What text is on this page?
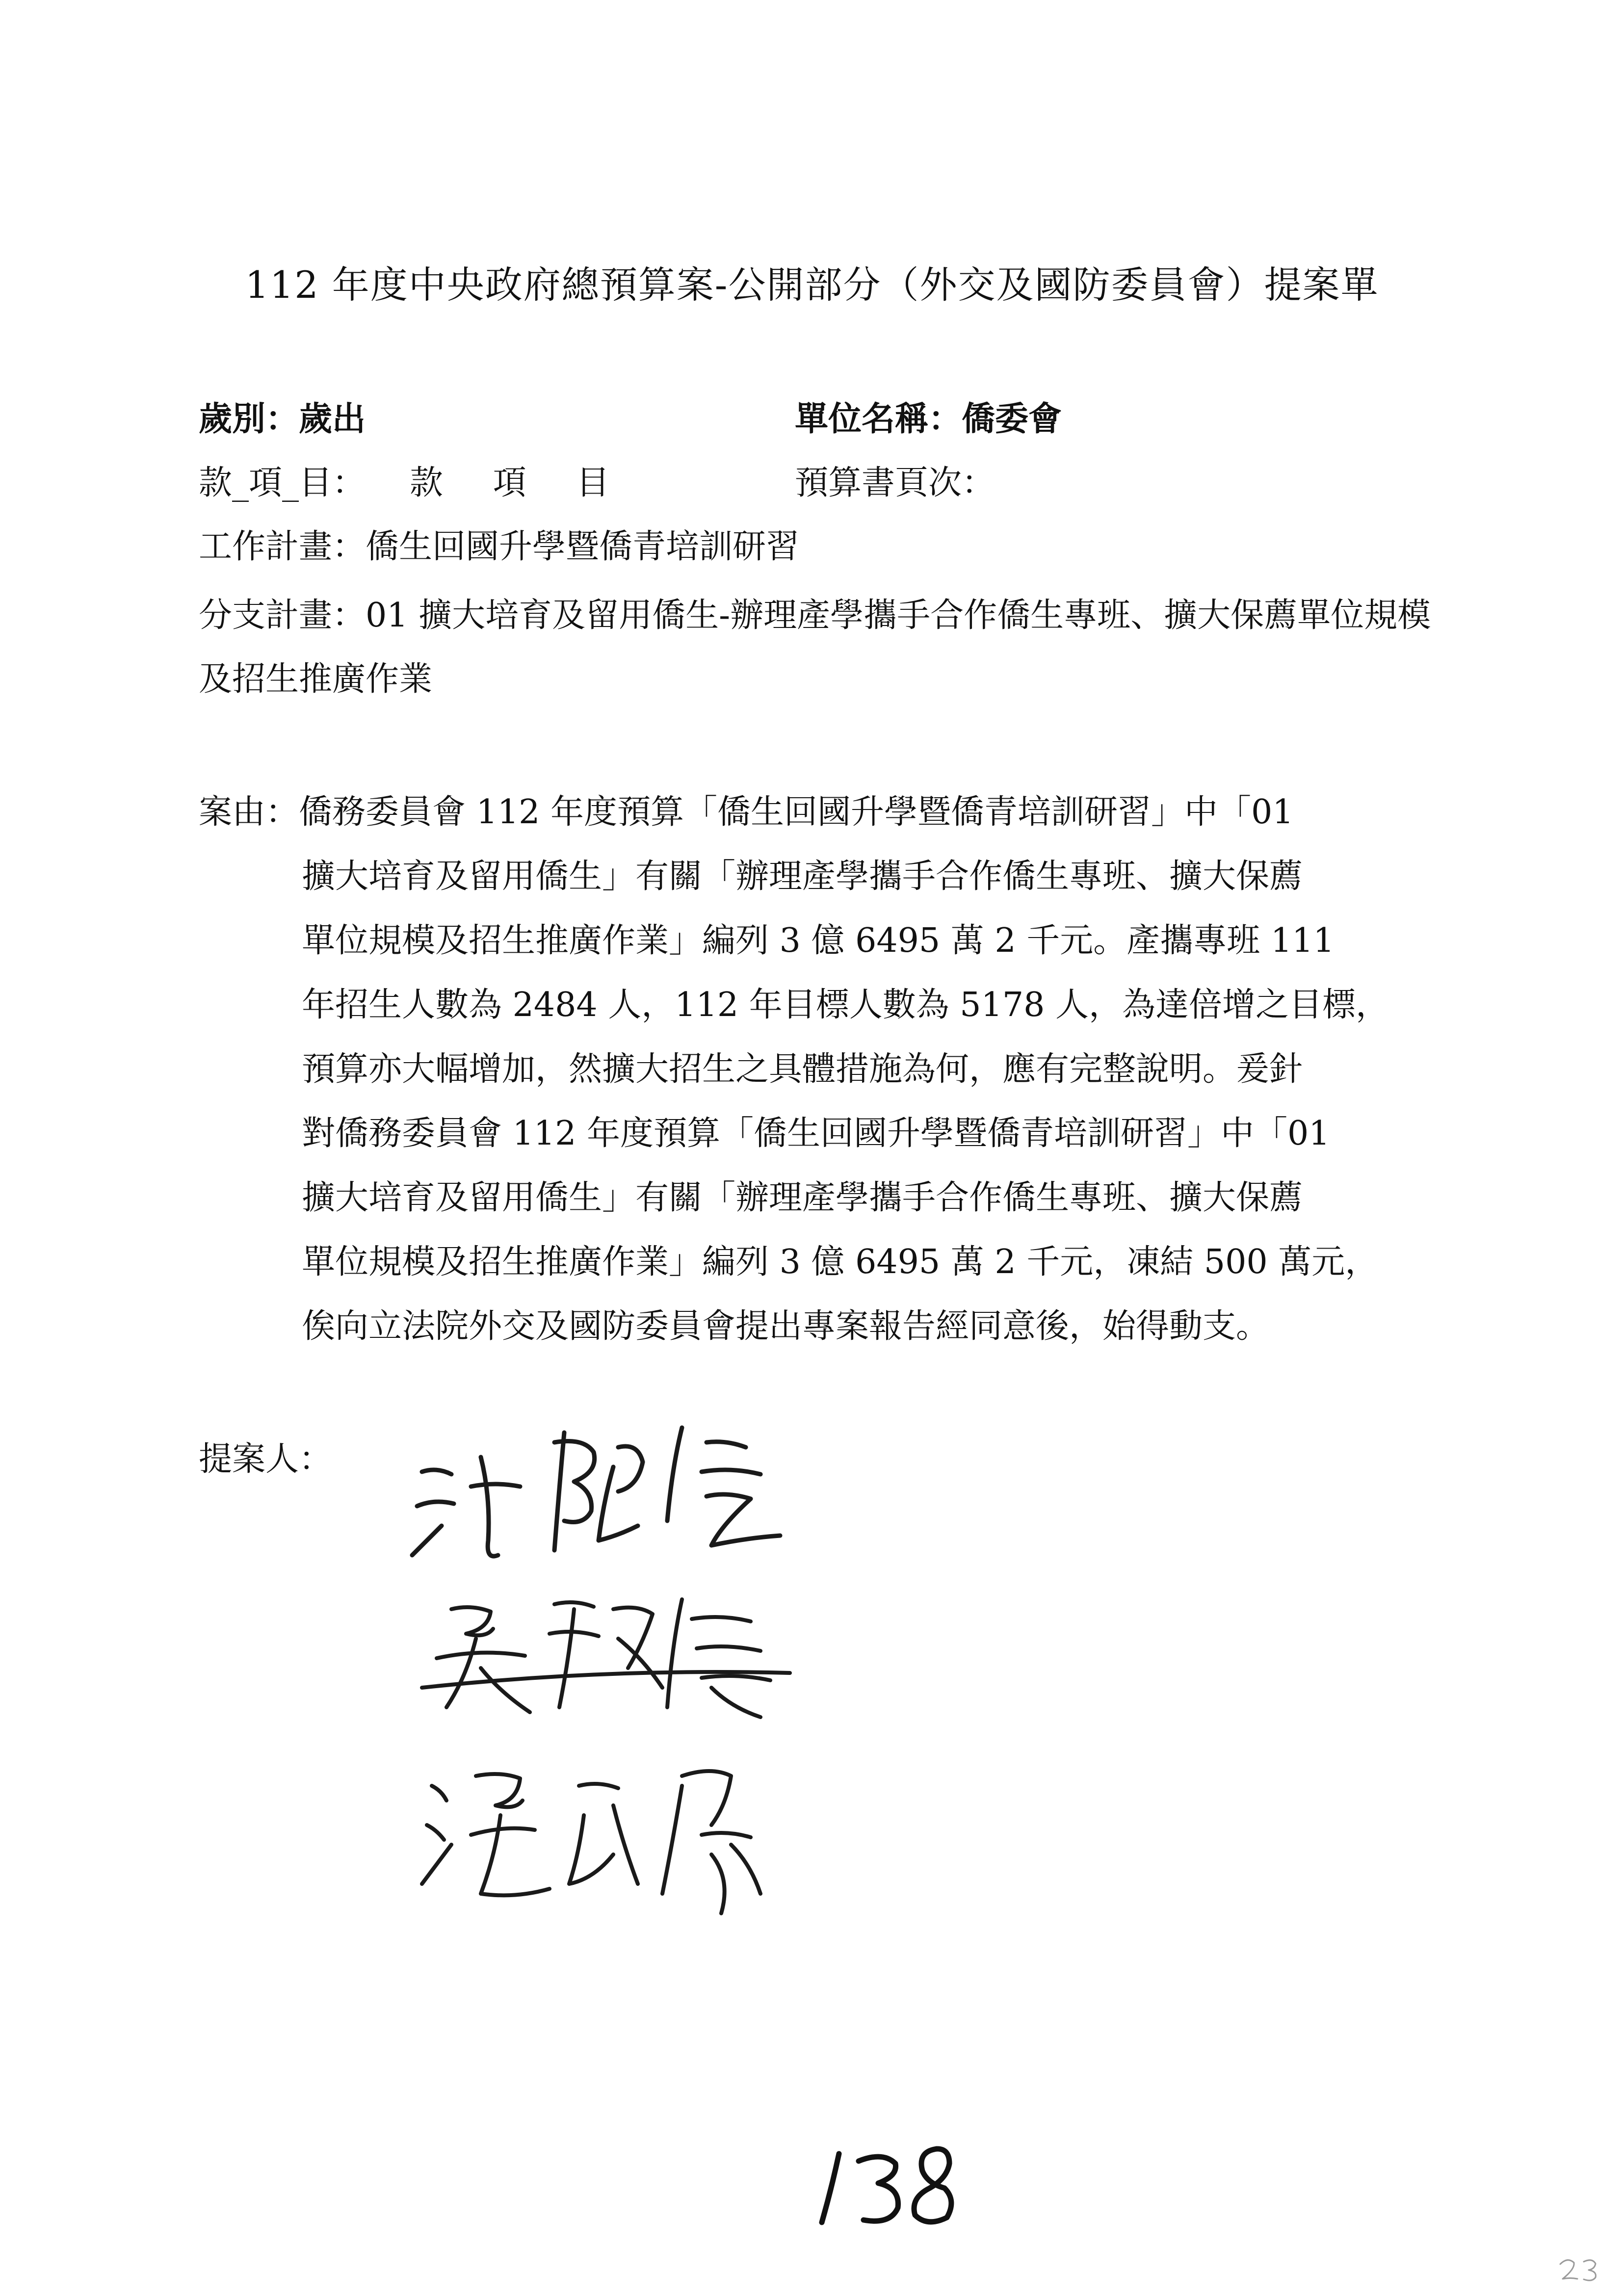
112 年度中央政府總預算案-公開部分（外交及國防委員會）提案單
歲別：歲出	單位名稱：僑委會
款_項_目： 款 項 目	預算書頁次：
工作計畫：僑生回國升學暨僑青培訓研習
分支計畫：01 擴大培育及留用僑生-辦理產學攜手合作僑生專班、擴大保薦單位規模及招生推廣作業
案由：僑務委員會 112 年度預算「僑生回國升學暨僑青培訓研習」中「01
擴大培育及留用僑生」有關「辦理產學攜手合作僑生專班、擴大保薦
單位規模及招生推廣作業」編列 3 億 6495 萬 2 千元。產攜專班 111
年招生人數為 2484 人，112 年目標人數為 5178 人，為達倍增之目標，
預算亦大幅增加，然擴大招生之具體措施為何，應有完整說明。爰針
對僑務委員會 112 年度預算「僑生回國升學暨僑青培訓研習」中「01
擴大培育及留用僑生」有關「辦理產學攜手合作僑生專班、擴大保薦
單位規模及招生推廣作業」編列 3 億 6495 萬 2 千元，凍結 500 萬元，
俟向立法院外交及國防委員會提出專案報告經同意後，始得動支。
提案人：
138
23
